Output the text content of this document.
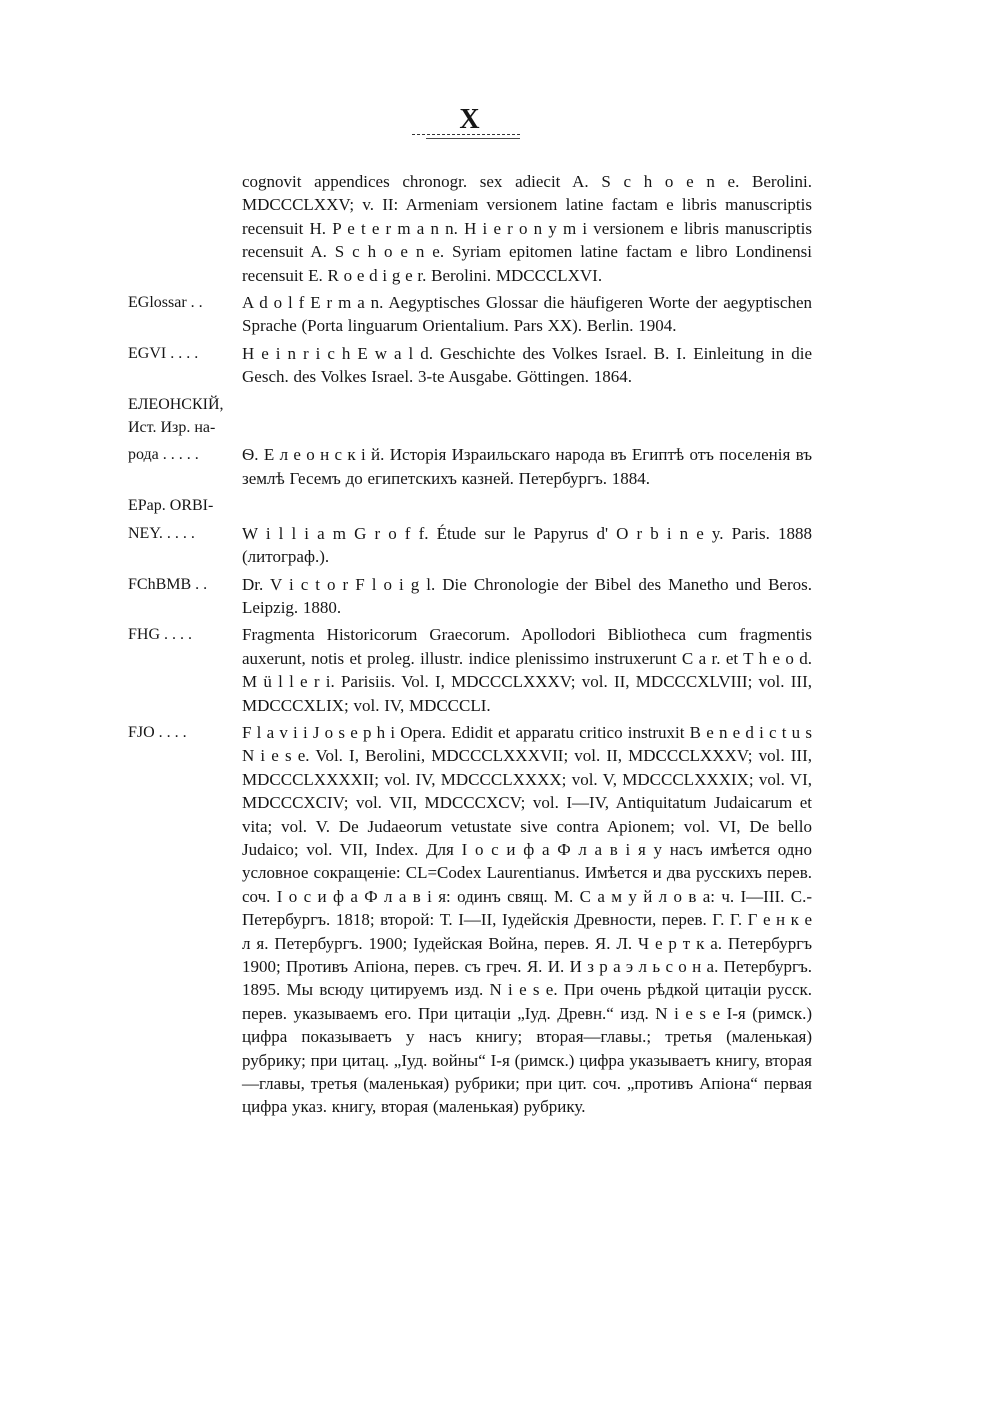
X
cognovit appendices chronogr. sex adiecit A. S c h o e n e. Berolini. MDCCCLXXV; v. II: Armeniam versionem latine factam e libris manuscriptis recensuit H. P e t e r m a n n. H i e r o n y m i versionem e libris manuscriptis recensuit A. S c h o e n e. Syriam epitomen latine factam e libro Londinensi recensuit E. R o e d i g e r. Berolini. MDCCCLXVI.
EGlossar . .	A d o l f E r m a n. Aegyptisches Glossar die häufigeren Worte der aegyptischen Sprache (Porta linguarum Orientalium. Pars XX). Berlin. 1904.
EGVI . . . .	H e i n r i c h E w a l d. Geschichte des Volkes Israel. B. I. Einleitung in die Gesch. des Volkes Israel. 3-te Ausgabe. Göttingen. 1864.
ЕЛЕОНСКІЙ,
Ист. Изр. на-
рода . . . . .	Ѳ. Е л е о н с к і й. Исторія Израильскаго народа въ Египтѣ отъ поселенія въ землѣ Гесемъ до египетскихъ казней. Петербургъ. 1884.
EPap. ORBI-
NEY. . . . .	W i l l i a m G r o f f. Étude sur le Papyrus d' O r b i n e y. Paris. 1888 (литограф.).
FChBMB . .	Dr. V i c t o r F l o i g l. Die Chronologie der Bibel des Manetho und Beros. Leipzig. 1880.
FHG . . . .	Fragmenta Historicorum Graecorum. Apollodori Bibliotheca cum fragmentis auxerunt, notis et proleg. illustr. indice plenissimo instruxerunt C a r. et T h e o d. M ü l l e r i. Parisiis. Vol. I, MDCCCLXXXV; vol. II, MDCCCXLVIII; vol. III, MDCCCXLIX; vol. IV, MDCCCLI.
FJO . . . .	F l a v i i J o s e p h i Opera. Edidit et apparatu critico instruxit B e n e d i c t u s N i e s e. Vol. I, Berolini, MDCCCLXXXVII; vol. II, MDCCCLXXXV; vol. III, MDCCCLXXXXII; vol. IV, MDCCCLXXXX; vol. V, MDCCCLXXXIX; vol. VI, MDCCCXCIV; vol. VII, MDCCCXCV; vol. I—IV, Antiquitatum Judaicarum et vita; vol. V. De Judaeorum vetustate sive contra Apionem; vol. VI, De bello Judaico; vol. VII, Index. Для І о с и ф а Ф л а в і я у насъ имѣется одно условное сокращеніе: CL=Codex Laurentianus. Имѣется и два русскихъ перев. соч. І о с и ф а Ф л а в і я: одинъ свящ. М. С а м у й л о в а: ч. I—III. С.-Петербургъ. 1818; второй: Т. I—II, Іудейскія Древности, перев. Г. Г. Г е н к е л я. Петербургъ. 1900; Іудейская Война, перев. Я. Л. Ч е р т к а. Петербургъ 1900; Противъ Апіона, перев. съ греч. Я. И. И з р а э л ь с о н а. Петербургъ. 1895. Мы всюду цитируемъ изд. N i e s e. При очень рѣдкой цитаціи русск. перев. указываемъ его. При цитаціи „Іуд. Древн.“ изд. N i e s e I-я (римск.) цифра показываетъ у насъ книгу; вторая—главы.; третья (маленькая) рубрику; при цитац. „Іуд. войны“ I-я (римск.) цифра указываетъ книгу, вторая—главы, третья (маленькая) рубрики; при цит. соч. „противъ Апіона“ первая цифра указ. книгу, вторая (маленькая) рубрику.
